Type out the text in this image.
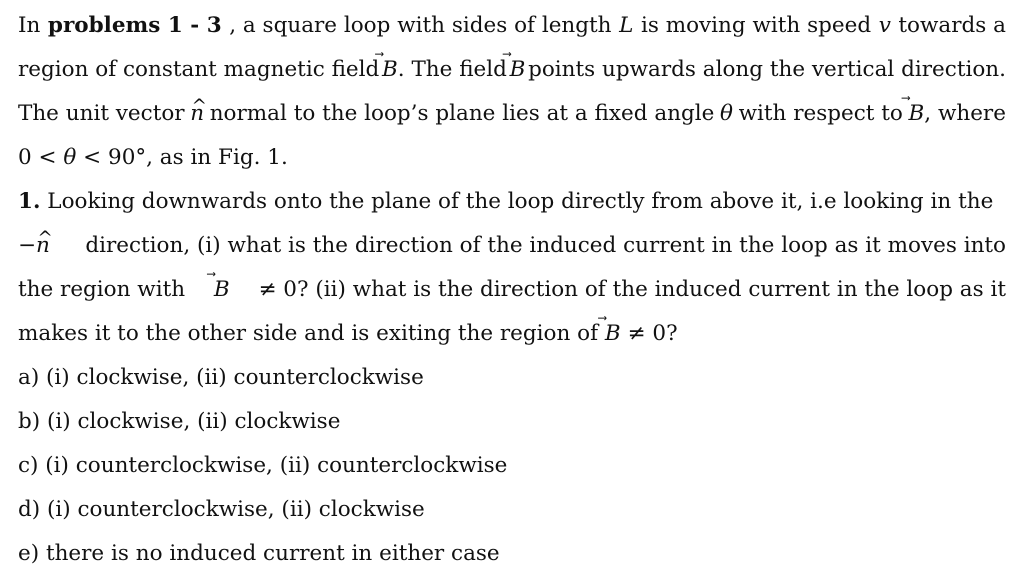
In problems 1 - 3 , a square loop with sides of length L is moving with speed v towards a
region of constant magnetic field ⃗ B. The field ⃗ B points upwards along the vertical direction.
The unit vector ^ n normal to the loop’s plane lies at a fixed angle θ with respect to ⃗ B, where
0 < θ < 90°, as in Fig. 1.
1. Looking downwards onto the plane of the loop directly from above it, i.e looking in the
−^ n direction, (i) what is the direction of the induced current in the loop as it moves into
the region with ⃗ B ≠ 0? (ii) what is the direction of the induced current in the loop as it
makes it to the other side and is exiting the region of ⃗ B ≠ 0?
a) (i) clockwise, (ii) counterclockwise
b) (i) clockwise, (ii) clockwise
c) (i) counterclockwise, (ii) counterclockwise
d) (i) counterclockwise, (ii) clockwise
e) there is no induced current in either case
